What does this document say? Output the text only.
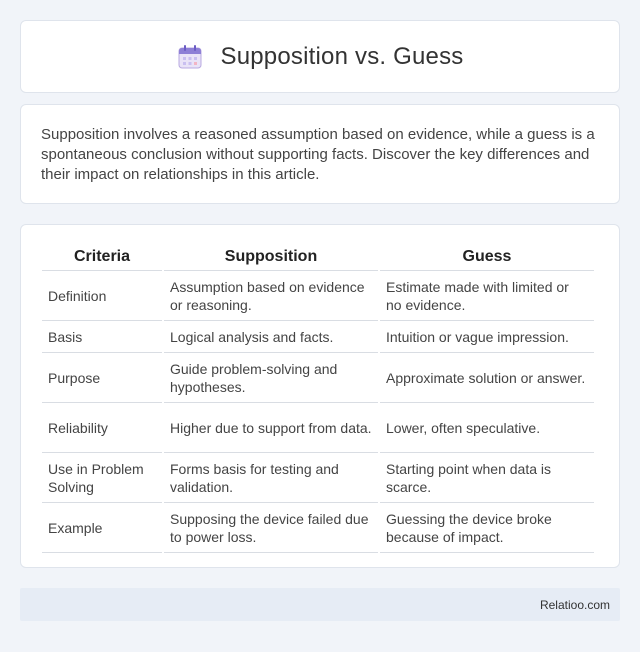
Supposition vs. Guess

Supposition involves a reasoned assumption based on evidence, while a guess is a spontaneous conclusion without supporting facts. Discover the key differences and their impact on relationships in this article.

Criteria	Supposition	Guess
Definition	Assumption based on evidence or reasoning.	Estimate made with limited or no evidence.
Basis	Logical analysis and facts.	Intuition or vague impression.
Purpose	Guide problem-solving and hypotheses.	Approximate solution or answer.
Reliability	Higher due to support from data.	Lower, often speculative.
Use in Problem Solving	Forms basis for testing and validation.	Starting point when data is scarce.
Example	Supposing the device failed due to power loss.	Guessing the device broke because of impact.
Relatioo.com
